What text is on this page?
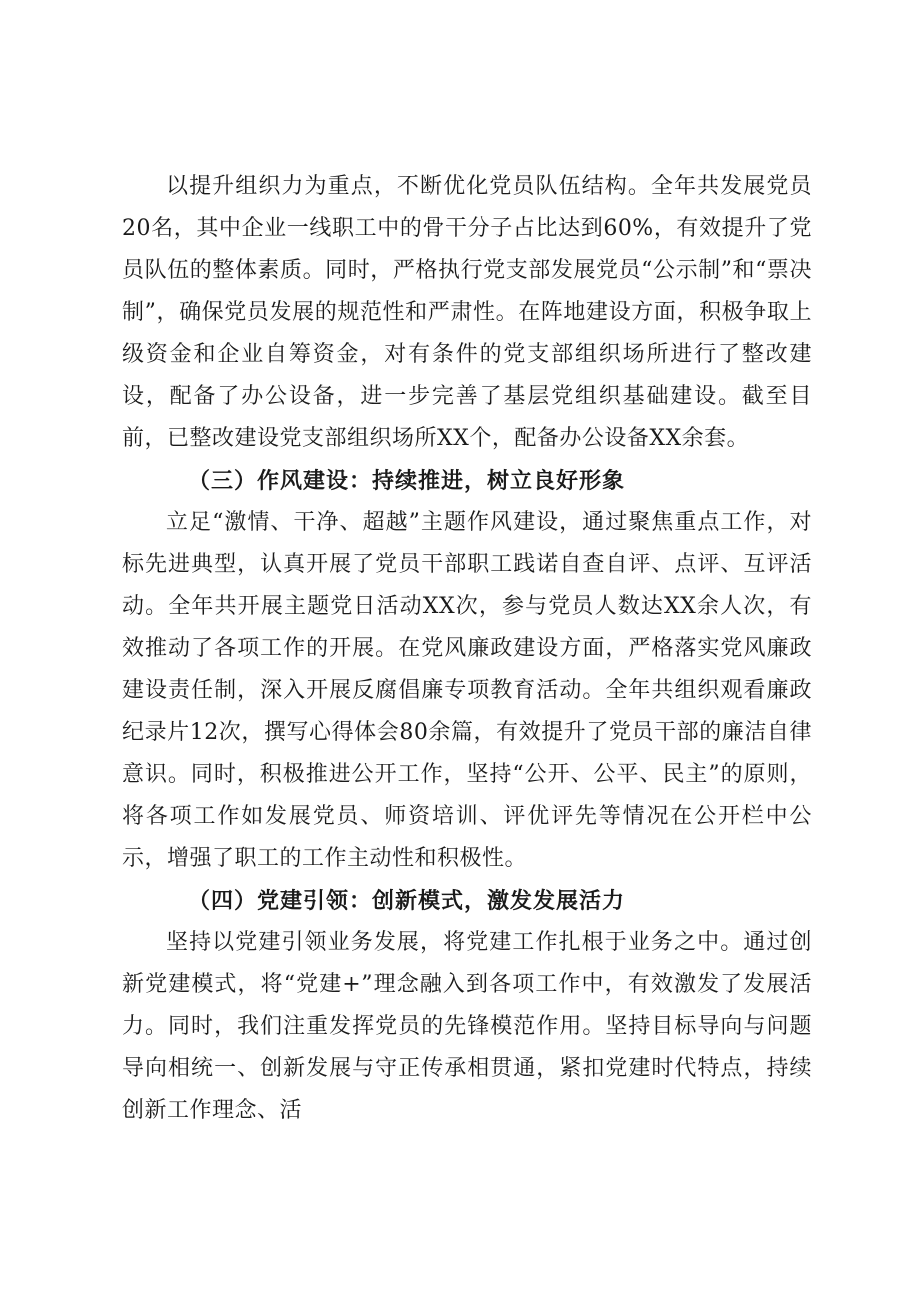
以提升组织力为重点，不断优化党员队伍结构。全年共发展党员20名，其中企业一线职工中的骨干分子占比达到60%，有效提升了党员队伍的整体素质。同时，严格执行党支部发展党员“公示制”和“票决制”，确保党员发展的规范性和严肃性。在阵地建设方面，积极争取上级资金和企业自筹资金，对有条件的党支部组织场所进行了整改建设，配备了办公设备，进一步完善了基层党组织基础建设。截至目前，已整改建设党支部组织场所XX个，配备办公设备XX余套。

（三）作风建设：持续推进，树立良好形象

立足“激情、干净、超越”主题作风建设，通过聚焦重点工作，对标先进典型，认真开展了党员干部职工践诺自查自评、点评、互评活动。全年共开展主题党日活动XX次，参与党员人数达XX余人次，有效推动了各项工作的开展。在党风廉政建设方面，严格落实党风廉政建设责任制，深入开展反腐倡廉专项教育活动。全年共组织观看廉政纪录片12次，撰写心得体会80余篇，有效提升了党员干部的廉洁自律意识。同时，积极推进公开工作，坚持“公开、公平、民主”的原则，将各项工作如发展党员、师资培训、评优评先等情况在公开栏中公示，增强了职工的工作主动性和积极性。

（四）党建引领：创新模式，激发发展活力

坚持以党建引领业务发展，将党建工作扎根于业务之中。通过创新党建模式，将“党建+”理念融入到各项工作中，有效激发了发展活力。同时，我们注重发挥党员的先锋模范作用。坚持目标导向与问题导向相统一、创新发展与守正传承相贯通，紧扣党建时代特点，持续创新工作理念、活
